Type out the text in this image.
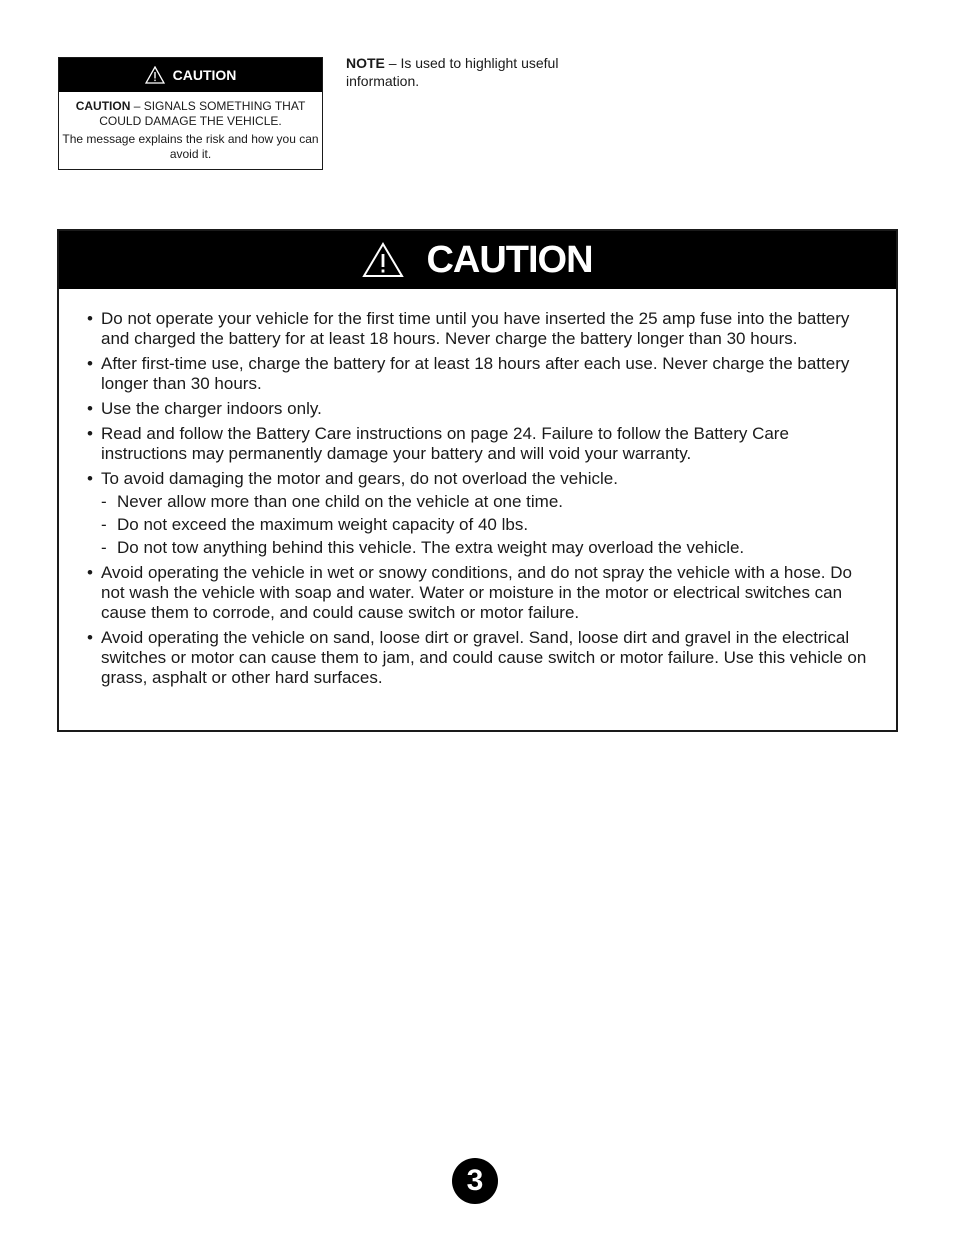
CAUTION

CAUTION – SIGNALS SOMETHING THAT COULD DAMAGE THE VEHICLE.

The message explains the risk and how you can avoid it.

NOTE – Is used to highlight useful information.
CAUTION
• Do not operate your vehicle for the first time until you have inserted the 25 amp fuse into the battery and charged the battery for at least 18 hours. Never charge the battery longer than 30 hours.
• After first-time use, charge the battery for at least 18 hours after each use. Never charge the battery longer than 30 hours.
• Use the charger indoors only.
• Read and follow the Battery Care instructions on page 24. Failure to follow the Battery Care instructions may permanently damage your battery and will void your warranty.
• To avoid damaging the motor and gears, do not overload the vehicle.
- Never allow more than one child on the vehicle at one time.
- Do not exceed the maximum weight capacity of 40 lbs.
- Do not tow anything behind this vehicle. The extra weight may overload the vehicle.
• Avoid operating the vehicle in wet or snowy conditions, and do not spray the vehicle with a hose. Do not wash the vehicle with soap and water. Water or moisture in the motor or electrical switches can cause them to corrode, and could cause switch or motor failure.
• Avoid operating the vehicle on sand, loose dirt or gravel. Sand, loose dirt and gravel in the electrical switches or motor can cause them to jam, and could cause switch or motor failure. Use this vehicle on grass, asphalt or other hard surfaces.
3
